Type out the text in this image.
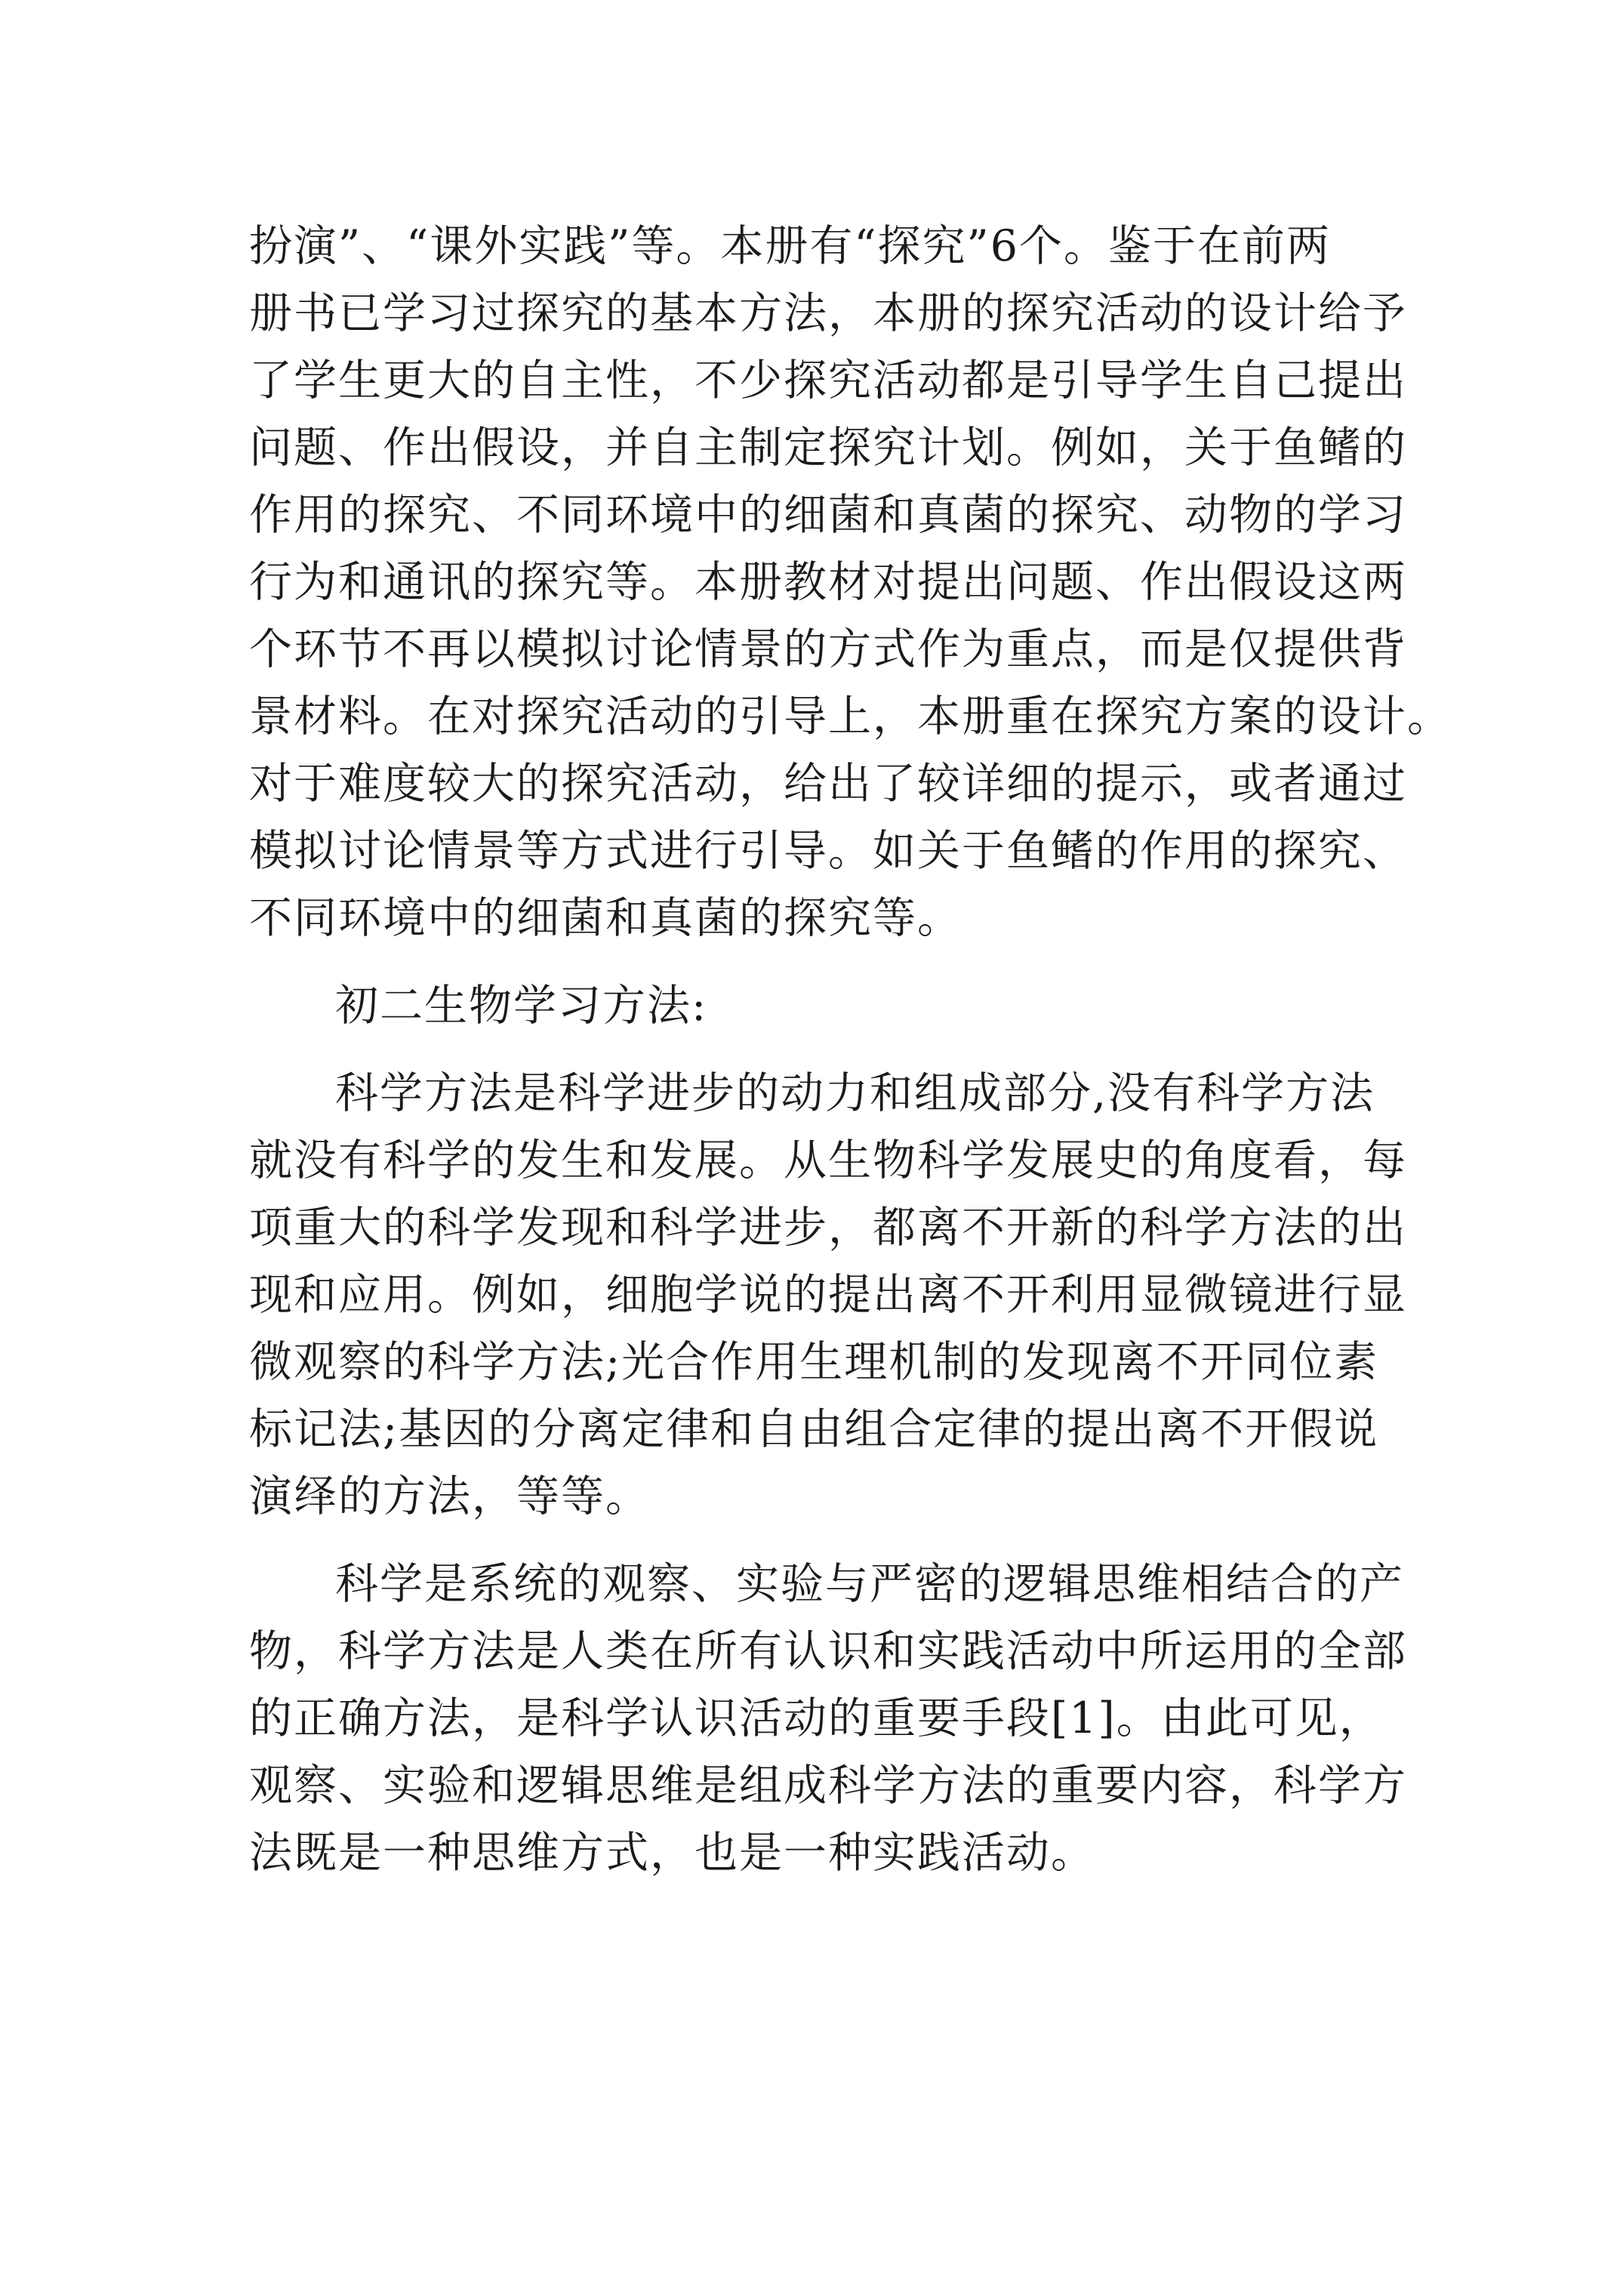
扮演”、“课外实践”等。本册有“探究”6个。鉴于在前两
册书已学习过探究的基本方法，本册的探究活动的设计给予
了学生更大的自主性，不少探究活动都是引导学生自己提出
问题、作出假设，并自主制定探究计划。例如，关于鱼鳍的
作用的探究、不同环境中的细菌和真菌的探究、动物的学习
行为和通讯的探究等。本册教材对提出问题、作出假设这两
个环节不再以模拟讨论情景的方式作为重点，而是仅提供背
景材料。在对探究活动的引导上，本册重在探究方案的设计。
对于难度较大的探究活动，给出了较详细的提示，或者通过
模拟讨论情景等方式进行引导。如关于鱼鳍的作用的探究、
不同环境中的细菌和真菌的探究等。
初二生物学习方法:
科学方法是科学进步的动力和组成部分,没有科学方法
就没有科学的发生和发展。从生物科学发展史的角度看，每
项重大的科学发现和科学进步，都离不开新的科学方法的出
现和应用。例如，细胞学说的提出离不开利用显微镜进行显
微观察的科学方法;光合作用生理机制的发现离不开同位素
标记法;基因的分离定律和自由组合定律的提出离不开假说
演绎的方法，等等。
科学是系统的观察、实验与严密的逻辑思维相结合的产
物，科学方法是人类在所有认识和实践活动中所运用的全部
的正确方法，是科学认识活动的重要手段[1]。由此可见，
观察、实验和逻辑思维是组成科学方法的重要内容，科学方
法既是一种思维方式，也是一种实践活动。
